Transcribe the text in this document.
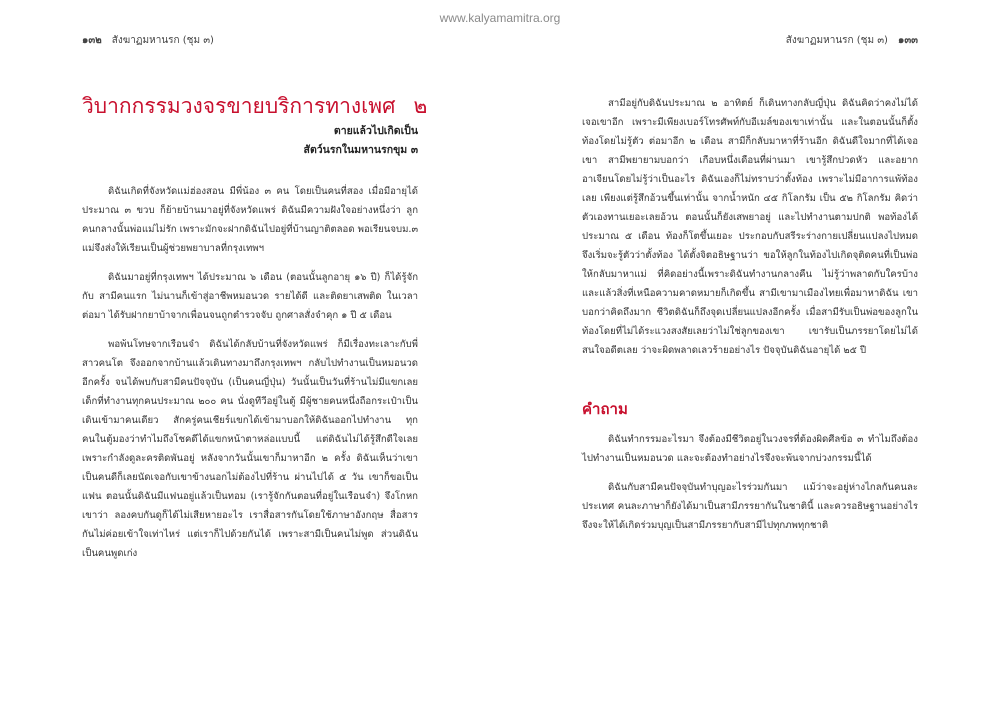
www.kalyamamitra.org
๑๓๒ สังฆาฏมหานรก (ชุม ๓)
วิบากกรรมวงจรขายบริการทางเพศ ๒
ตายแล้วไปเกิดเป็น
สัตว์นรกในมหานรกขุม ๓

ดิฉันเกิดที่จังหวัดแม่ฮ่องสอน มีพี่น้อง ๓ คน โดยเป็นคนที่สอง เมื่อมีอายุได้ประมาณ ๓ ขวบ ก็ย้ายบ้านมาอยู่ที่จังหวัดแพร่ ดิฉันมีความฝังใจอย่างหนึ่งว่า ลูกคนกลางนั้นพ่อแม่ไม่รัก เพราะมักจะฝากดิฉันไปอยู่ที่บ้านญาติตลอด พอเรียนจบม.๓ แม่จึงส่งให้เรียนเป็นผู้ช่วยพยาบาลที่กรุงเทพฯ

ดิฉันมาอยู่ที่กรุงเทพฯ ได้ประมาณ ๖ เดือน (ตอนนั้นลูกอายุ ๑๖ ปี) ก็ได้รู้จักกับ สามีคนแรก ไม่นานก็เข้าสู่อาชีพหมอนวด รายได้ดี และติดยาเสพติด ในเวลาต่อมา ได้รับฝากยาบ้าจากเพื่อนจนถูกตำรวจจับ ถูกศาลสั่งจำคุก ๑ ปี ๕ เดือน

พอพ้นโทษจากเรือนจำ ดิฉันได้กลับบ้านที่จังหวัดแพร่ ก็มีเรื่องทะเลาะกับพี่สาวคนโต จึงออกจากบ้านแล้วเดินทางมาถึงกรุงเทพฯ กลับไปทำงานเป็นหมอนวดอีกครั้ง จนได้พบกับสามีคนปัจจุบัน (เป็นคนญี่ปุ่น) วันนั้นเป็นวันที่ร้านไม่มีแขกเลย เด็กที่ทำงานทุกคนประมาณ ๒๐๐ คน นั่งดูทีวีอยู่ในตู้ มีผู้ชายคนหนึ่งถือกระเป๋าเป็นเดินเข้ามาคนเดียว สักครู่คนเชียร์แขกได้เข้ามาบอกให้ดิฉันออกไปทำงาน ทุกคนในตู้มองว่าทำไมถึงโชคดีได้แขกหน้าตาหล่อแบบนี้ แต่ดิฉันไม่ได้รู้สึกดีใจเลย เพราะกำลังดูละครติดพันอยู่ หลังจากวันนั้นเขาก็มาหาอีก ๒ ครั้ง ดิฉันเห็นว่าเขาเป็นคนดีก็เลยนัดเจอกับเขาข้างนอกไม่ต้องไปที่ร้าน ผ่านไปได้ ๕ วัน เขาก็ขอเป็นแฟน ตอนนั้นดิฉันมีแฟนอยู่แล้วเป็นทอม (เรารู้จักกันตอนที่อยู่ในเรือนจำ) จึงโกหกเขาว่า ลองคบกันดูก็ได้ไม่เสียหายอะไร เราสื่อสารกันโดยใช้ภาษาอังกฤษ สื่อสารกันไม่ค่อยเข้าใจเท่าไหร่ แต่เราก็ไปด้วยกันได้ เพราะสามีเป็นคนไม่พูด ส่วนดิฉันเป็นคนพูดเก่ง

สังฆาฏมหานรก (ชุม ๓) ๑๓๓

สามีอยู่กับดิฉันประมาณ ๒ อาทิตย์ ก็เดินทางกลับญี่ปุ่น ดิฉันคิดว่าคงไม่ได้เจอเขาอีก เพราะมีเพียงเบอร์โทรศัพท์กับอีเมล์ของเขาเท่านั้น และในตอนนั้นก็ตั้งท้องโดยไม่รู้ตัว ต่อมาอีก ๒ เดือน สามีก็กลับมาหาที่ร้านอีก ดิฉันดีใจมากที่ได้เจอเขา สามีพยายามบอกว่า เกือบหนึ่งเดือนที่ผ่านมา เขารู้สึกปวดหัว และอยากอาเจียนโดยไม่รู้ว่าเป็นอะไร ดิฉันเองก็ไม่ทราบว่าตั้งท้อง เพราะไม่มีอาการแพ้ท้องเลย เพียงแต่รู้สึกอ้วนขึ้นเท่านั้น จากน้ำหนัก ๔๕ กิโลกรัม เป็น ๕๒ กิโลกรัม คิดว่าตัวเองทานเยอะเลยอ้วน ตอนนั้นก็ยังเสพยาอยู่ และไปทำงานตามปกติ พอท้องได้ประมาณ ๕ เดือน ท้องก็โตขึ้นเยอะ ประกอบกับสรีระร่างกายเปลี่ยนแปลงไปหมด จึงเริ่มจะรู้ตัวว่าตั้งท้อง ได้ตั้งจิตอธิษฐานว่า ขอให้ลูกในท้องไปเกิดจุติดคนที่เป็นพ่อให้กลับมาหาแม่ ที่คิดอย่างนี้เพราะดิฉันทำงานกลางคืน ไม่รู้ว่าพลาดกับใครบ้าง และแล้วสิ่งที่เหนือความคาดหมายก็เกิดขึ้น สามีเขามาเมืองไทยเพื่อมาหาดิฉัน เขาบอกว่าคิดถึงมาก ชีวิตดิฉันก็ถึงจุดเปลี่ยนแปลงอีกครั้ง เมื่อสามีรับเป็นพ่อของลูกในท้องโดยที่ไม่ได้ระแวงสงสัยเลยว่าไม่ใช่ลูกของเขา เขารับเป็นภรรยาโดยไม่ได้สนใจอดีตเลย ว่าจะผิดพลาดเลวร้ายอย่างไร ปัจจุบันดิฉันอายุได้ ๒๕ ปี

คำถาม

ดิฉันทำกรรมอะไรมา จึงต้องมีชีวิตอยู่ในวงจรที่ต้องผิดศีลข้อ ๓ ทำไมถึงต้องไปทำงานเป็นหมอนวด และจะต้องทำอย่างไรจึงจะพ้นจากบ่วงกรรมนี้ได้

ดิฉันกับสามีคนปัจจุบันทำบุญอะไรร่วมกันมา แม้ว่าจะอยู่ห่างไกลกันคนละประเทศ คนละภาษาก็ยังได้มาเป็นสามีภรรยากันในชาตินี้ และควรอธิษฐานอย่างไรจึงจะให้ได้เกิดร่วมบุญเป็นสามีภรรยากับสามีไปทุกภพทุกชาติ
